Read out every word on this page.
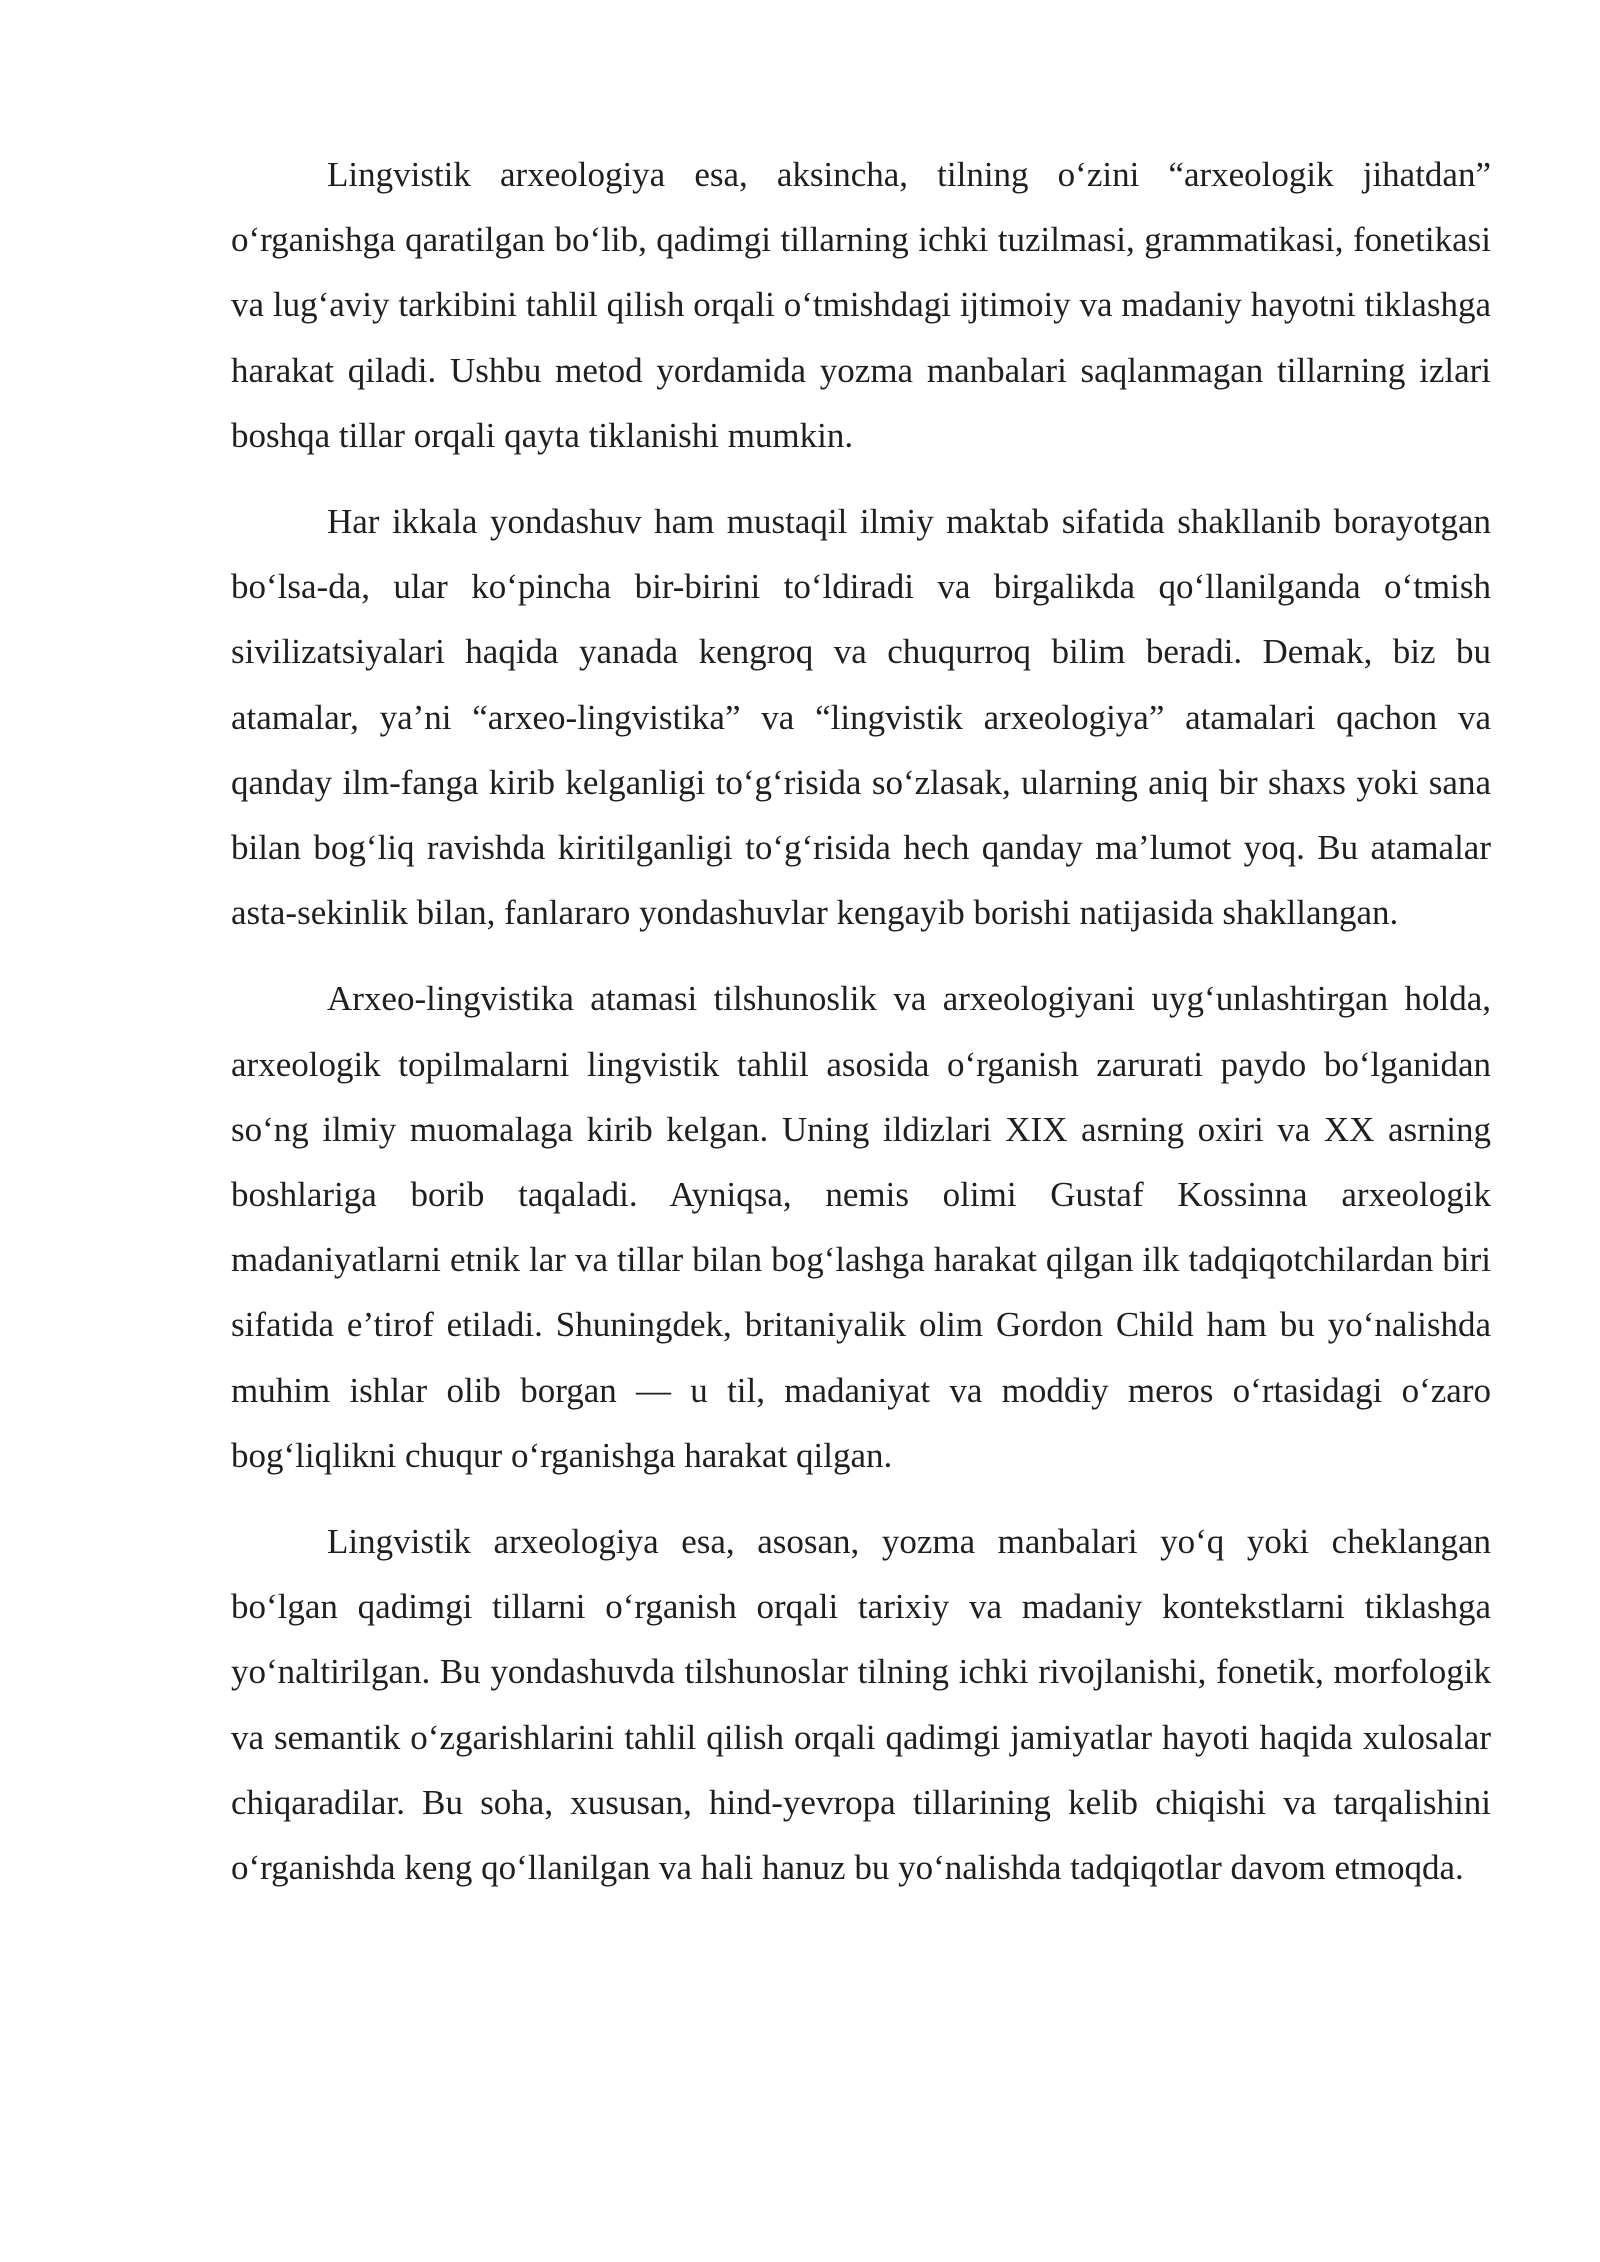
Lingvistik arxeologiya esa, aksincha, tilning o‘zini “arxeologik jihatdan” o‘rganishga qaratilgan bo‘lib, qadimgi tillarning ichki tuzilmasi, grammatikasi, fonetikasi va lug‘aviy tarkibini tahlil qilish orqali o‘tmishdagi ijtimoiy va madaniy hayotni tiklashga harakat qiladi. Ushbu metod yordamida yozma manbalari saqlanmagan tillarning izlari boshqa tillar orqali qayta tiklanishi mumkin.

Har ikkala yondashuv ham mustaqil ilmiy maktab sifatida shakllanib borayotgan bo‘lsa-da, ular ko‘pincha bir-birini to‘ldiradi va birgalikda qo‘llanilganda o‘tmish sivilizatsiyalari haqida yanada kengroq va chuqurroq bilim beradi. Demak, biz bu atamalar, ya’ni “arxeo-lingvistika” va “lingvistik arxeologiya” atamalari qachon va qanday ilm-fanga kirib kelganligi to‘g‘risida so‘zlasak, ularning aniq bir shaxs yoki sana bilan bog‘liq ravishda kiritilganligi to‘g‘risida hech qanday ma’lumot yoq. Bu atamalar asta-sekinlik bilan, fanlararo yondashuvlar kengayib borishi natijasida shakllangan.

Arxeo-lingvistika atamasi tilshunoslik va arxeologiyani uyg‘unlashtirgan holda, arxeologik topilmalarni lingvistik tahlil asosida o‘rganish zarurati paydo bo‘lganidan so‘ng ilmiy muomalaga kirib kelgan. Uning ildizlari XIX asrning oxiri va XX asrning boshlariga borib taqaladi. Ayniqsa, nemis olimi Gustaf Kossinna arxeologik madaniyatlarni etnik lar va tillar bilan bog‘lashga harakat qilgan ilk tadqiqotchilardan biri sifatida e’tirof etiladi. Shuningdek, britaniyalik olim Gordon Child ham bu yo‘nalishda muhim ishlar olib borgan — u til, madaniyat va moddiy meros o‘rtasidagi o‘zaro bog‘liqlikni chuqur o‘rganishga harakat qilgan.

Lingvistik arxeologiya esa, asosan, yozma manbalari yo‘q yoki cheklangan bo‘lgan qadimgi tillarni o‘rganish orqali tarixiy va madaniy kontekstlarni tiklashga yo‘naltirilgan. Bu yondashuvda tilshunoslar tilning ichki rivojlanishi, fonetik, morfologik va semantik o‘zgarishlarini tahlil qilish orqali qadimgi jamiyatlar hayoti haqida xulosalar chiqaradilar. Bu soha, xususan, hind-yevropa tillarining kelib chiqishi va tarqalishini o‘rganishda keng qo‘llanilgan va hali hanuz bu yo‘nalishda tadqiqotlar davom etmoqda.
